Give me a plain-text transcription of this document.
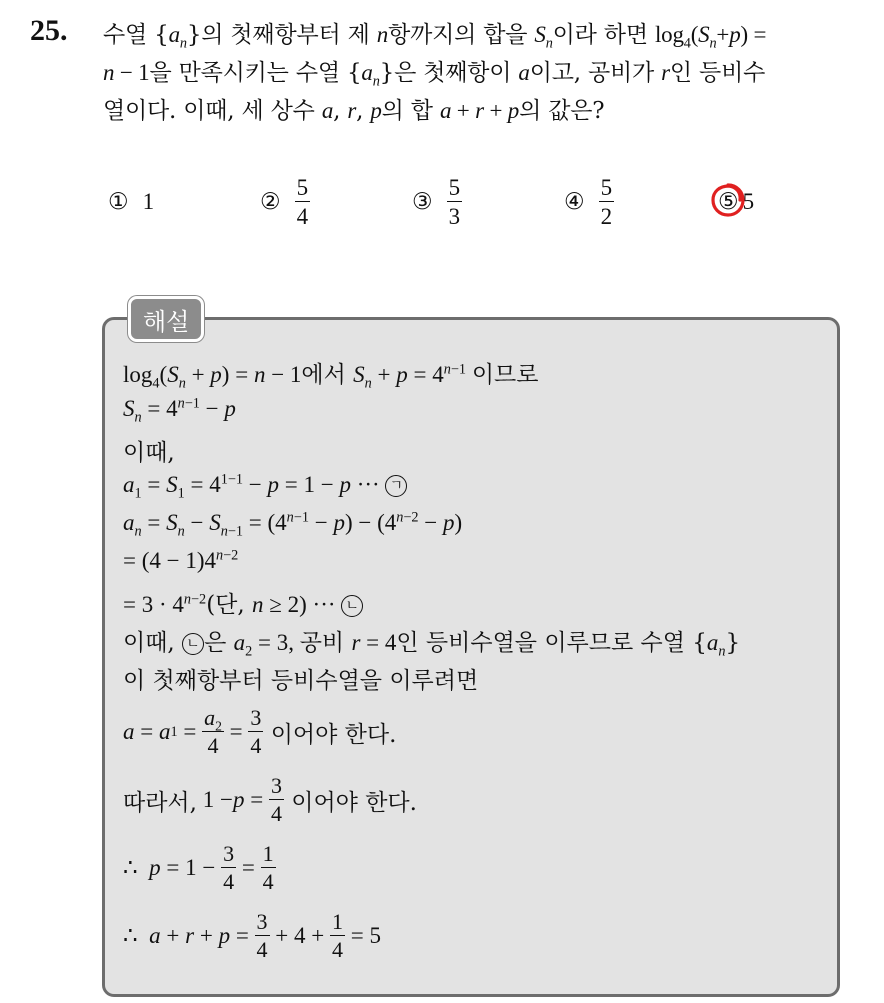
25. 수열 $\{a_n\}$의 첫째항부터 제 n항까지의 합을 $S_n$이라 하면 $\log_4(S_n+p)$ =
n − 1을 만족시키는 수열 $\{a_n\}$은 첫째항이 a이고, 공비가 r인 등비수
열이다. 이때, 세 상수 a, r, p의 합 a + r + p의 값은?
① 1	② $\frac{5}{4}$	③ $\frac{5}{3}$	④ $\frac{5}{2}$	⑤ 5
해설
$\log_4(S_n + p) = n - 1$에서 $S_n + p = 4^{n-1}$ 이므로
$S_n = 4^{n-1} - p$
이때,
$a_1 = S_1 = 4^{1-1} - p = 1 - p$ ··· ㄱ
$a_n = S_n - S_{n-1} = (4^{n-1} - p) - (4^{n-2} - p)$
= $(4 - 1)4^{n-2}$
= $3 \cdot 4^{n-2}$(단, n ≥ 2) ··· ㄴ
이때, ㄴ 은 $a_2 = 3$, 공비 r = 4인 등비수열을 이루므로 수열 $\{a_n\}$
이 첫째항부터 등비수열을 이루려면
a = a $1 = \frac{a_2}{4} = \frac{3}{4}$
이어야 한다.
따라서, $1 - p = \frac{3}{4}$
이어야 한다.
∴ $p = 1 - \frac{3}{4} = \frac{1}{4}$
∴ $a + r + p = \frac{3}{4} + 4 + \frac{1}{4} = 5$
